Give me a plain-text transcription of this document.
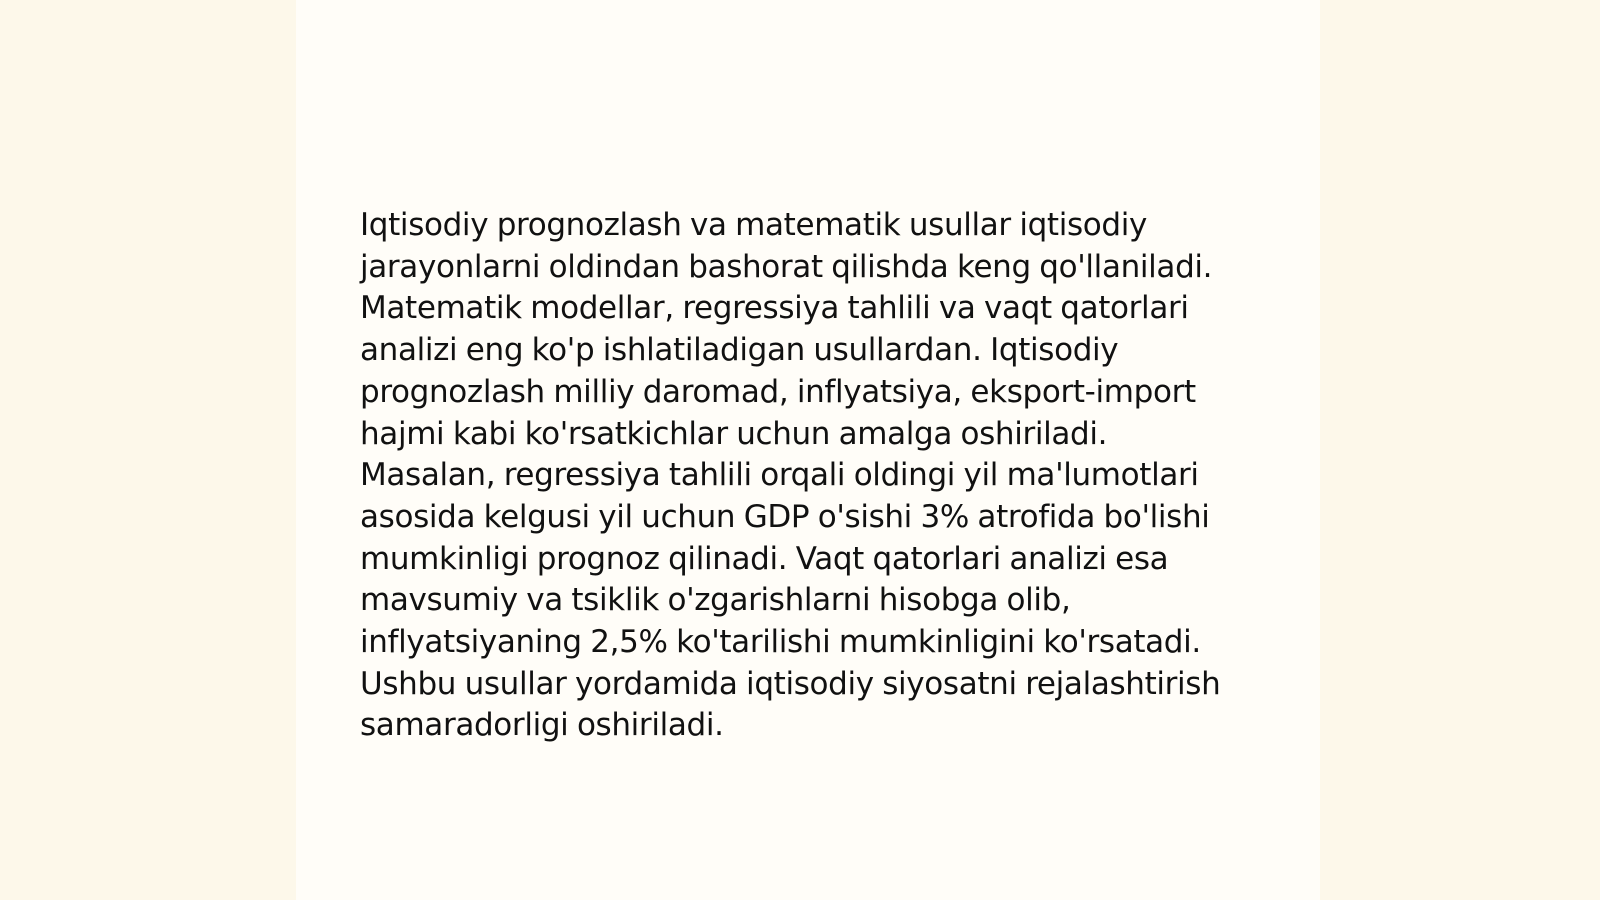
Iqtisodiy prognozlash va matematik usullar iqtisodiy jarayonlarni oldindan bashorat qilishda keng qo'llaniladi. Matematik modellar, regressiya tahlili va vaqt qatorlari analizi eng ko'p ishlatiladigan usullardan. Iqtisodiy prognozlash milliy daromad, inflyatsiya, eksport-import hajmi kabi ko'rsatkichlar uchun amalga oshiriladi. Masalan, regressiya tahlili orqali oldingi yil ma'lumotlari asosida kelgusi yil uchun GDP o'sishi 3% atrofida bo'lishi mumkinligi prognoz qilinadi. Vaqt qatorlari analizi esa mavsumiy va tsiklik o'zgarishlarni hisobga olib, inflyatsiyaning 2,5% ko'tarilishi mumkinligini ko'rsatadi. Ushbu usullar yordamida iqtisodiy siyosatni rejalashtirish samaradorligi oshiriladi.
